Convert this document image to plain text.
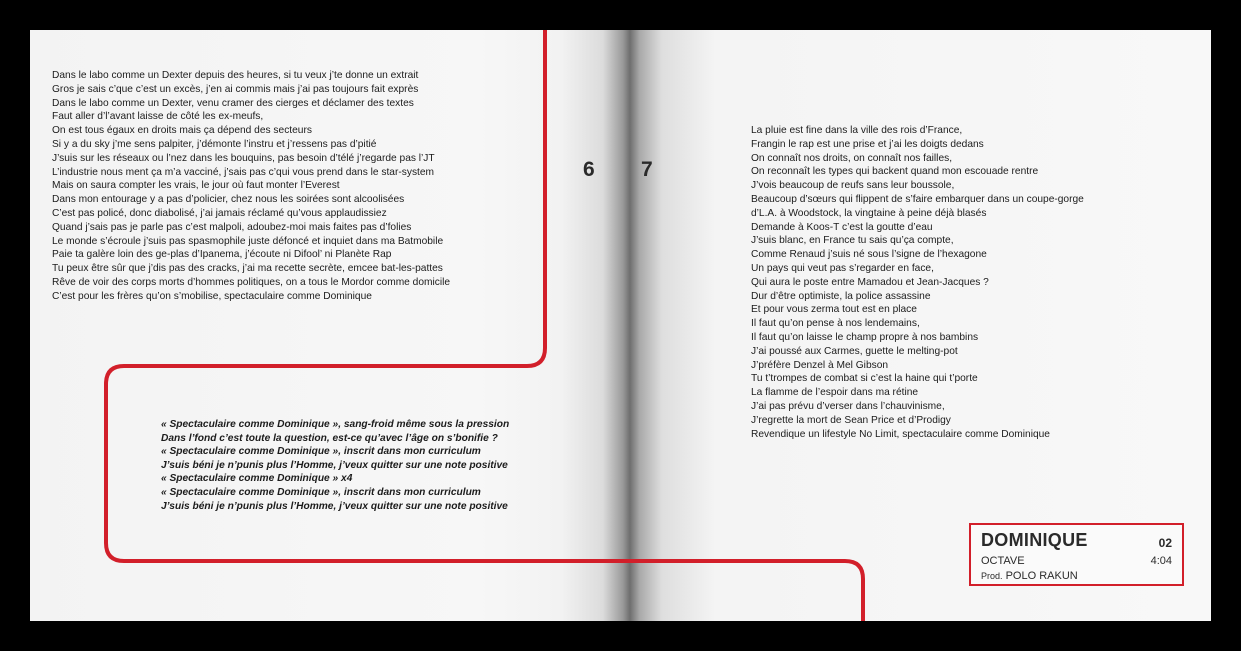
Dans le labo comme un Dexter depuis des heures, si tu veux j’te donne un extrait
Gros je sais c’que c’est un excès, j’en ai commis mais j’ai pas toujours fait exprès
Dans le labo comme un Dexter, venu cramer des cierges et déclamer des textes
Faut aller d’l’avant laisse de côté les ex-meufs,
On est tous égaux en droits mais ça dépend des secteurs
Si y a du sky j’me sens palpiter, j’démonte l’instru et j’ressens pas d’pitié
J’suis sur les réseaux ou l’nez dans les bouquins, pas besoin d’télé j’regarde pas l’JT
L’industrie nous ment ça m’a vacciné, j’sais pas c’qui vous prend dans le star-system
Mais on saura compter les vrais, le jour où faut monter l’Everest
Dans mon entourage y a pas d’policier, chez nous les soirées sont alcoolisées
C’est pas policé, donc diabolisé, j’ai jamais réclamé qu’vous applaudissiez
Quand j’sais pas je parle pas c’est malpoli, adoubez-moi mais faites pas d’folies
Le monde s’écroule j’suis pas spasmophile juste défoncé et inquiet dans ma Batmobile
Paie ta galère loin des ge-plas d’Ipanema, j’écoute ni Difool’ ni Planète Rap
Tu peux être sûr que j’dis pas des cracks, j’ai ma recette secrète, emcee bat-les-pattes
Rêve de voir des corps morts d’hommes politiques, on a tous le Mordor comme domicile
C’est pour les frères qu’on s’mobilise, spectaculaire comme Dominique
« Spectaculaire comme Dominique », sang-froid même sous la pression
Dans l’fond c’est toute la question, est-ce qu’avec l’âge on s’bonifie ?
« Spectaculaire comme Dominique », inscrit dans mon curriculum
J’suis béni je n’punis plus l’Homme, j’veux quitter sur une note positive
« Spectaculaire comme Dominique » x4
« Spectaculaire comme Dominique », inscrit dans mon curriculum
J’suis béni je n’punis plus l’Homme, j’veux quitter sur une note positive
6 7
La pluie est fine dans la ville des rois d’France,
Frangin le rap est une prise et j’ai les doigts dedans
On connaît nos droits, on connaît nos failles,
On reconnaît les types qui backent quand mon escouade rentre
J’vois beaucoup de reufs sans leur boussole,
Beaucoup d’sœurs qui flippent de s’faire embarquer dans un coupe-gorge
d’L.A. à Woodstock, la vingtaine à peine déjà blasés
Demande à Koos-T c’est la goutte d’eau
J’suis blanc, en France tu sais qu’ça compte,
Comme Renaud j’suis né sous l’signe de l’hexagone
Un pays qui veut pas s’regarder en face,
Qui aura le poste entre Mamadou et Jean-Jacques ?
Dur d’être optimiste, la police assassine
Et pour vous zerma tout est en place
Il faut qu’on pense à nos lendemains,
Il faut qu’on laisse le champ propre à nos bambins
J’ai poussé aux Carmes, guette le melting-pot
J’préfère Denzel à Mel Gibson
Tu t’trompes de combat si c’est la haine qui t’porte
La flamme de l’espoir dans ma rétine
J’ai pas prévu d’verser dans l’chauvinisme,
J’regrette la mort de Sean Price et d’Prodigy
Revendique un lifestyle No Limit, spectaculaire comme Dominique
DOMINIQUE	02
OCTAVE	4:04
Prod. POLO RAKUN
